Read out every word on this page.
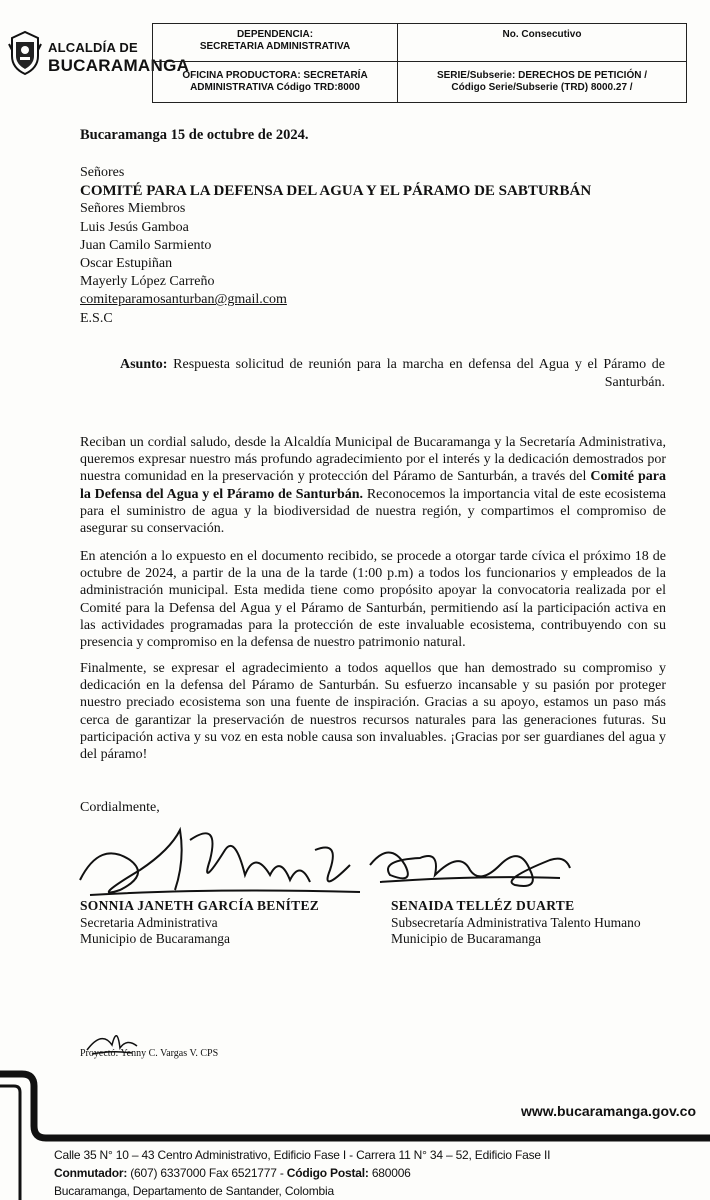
ALCALDÍA DE
BUCARAMANGA
DEPENDENCIA:
SECRETARIA ADMINISTRATIVA
No. Consecutivo
OFICINA PRODUCTORA: SECRETARÍA
ADMINISTRATIVA Código TRD:8000
SERIE/Subserie: DERECHOS DE PETICIÓN /
Código Serie/Subserie (TRD) 8000.27 /
Bucaramanga 15 de octubre de 2024.
Señores
COMITÉ PARA LA DEFENSA DEL AGUA Y EL PÁRAMO DE SABTURBÁN
Señores Miembros
Luis Jesús Gamboa
Juan Camilo Sarmiento
Oscar Estupiñan
Mayerly López Carreño
comiteparamosanturban@gmail.com
E.S.C
Asunto: Respuesta solicitud de reunión para la marcha en defensa del Agua y el Páramo de Santurbán.
Reciban un cordial saludo, desde la Alcaldía Municipal de Bucaramanga y la Secretaría Administrativa, queremos expresar nuestro más profundo agradecimiento por el interés y la dedicación demostrados por nuestra comunidad en la preservación y protección del Páramo de Santurbán, a través del Comité para la Defensa del Agua y el Páramo de Santurbán. Reconocemos la importancia vital de este ecosistema para el suministro de agua y la biodiversidad de nuestra región, y compartimos el compromiso de asegurar su conservación.
En atención a lo expuesto en el documento recibido, se procede a otorgar tarde cívica el próximo 18 de octubre de 2024, a partir de la una de la tarde (1:00 p.m) a todos los funcionarios y empleados de la administración municipal. Esta medida tiene como propósito apoyar la convocatoria realizada por el Comité para la Defensa del Agua y el Páramo de Santurbán, permitiendo así la participación activa en las actividades programadas para la protección de este invaluable ecosistema, contribuyendo con su presencia y compromiso en la defensa de nuestro patrimonio natural.
Finalmente, se expresar el agradecimiento a todos aquellos que han demostrado su compromiso y dedicación en la defensa del Páramo de Santurbán. Su esfuerzo incansable y su pasión por proteger nuestro preciado ecosistema son una fuente de inspiración. Gracias a su apoyo, estamos un paso más cerca de garantizar la preservación de nuestros recursos naturales para las generaciones futuras. Su participación activa y su voz en esta noble causa son invaluables. ¡Gracias por ser guardianes del agua y del páramo!
Cordialmente,
SONNIA JANETH GARCÍA BENÍTEZ
Secretaria Administrativa
Municipio de Bucaramanga
SENAIDA TELLÉZ DUARTE
Subsecretaría Administrativa Talento Humano
Municipio de Bucaramanga
Proyectó: Yenny C. Vargas V. CPS
www.bucaramanga.gov.co
Calle 35 N° 10 – 43 Centro Administrativo, Edificio Fase I - Carrera 11 N° 34 – 52, Edificio Fase II
Conmutador: (607) 6337000 Fax 6521777 - Código Postal: 680006
Bucaramanga, Departamento de Santander, Colombia
